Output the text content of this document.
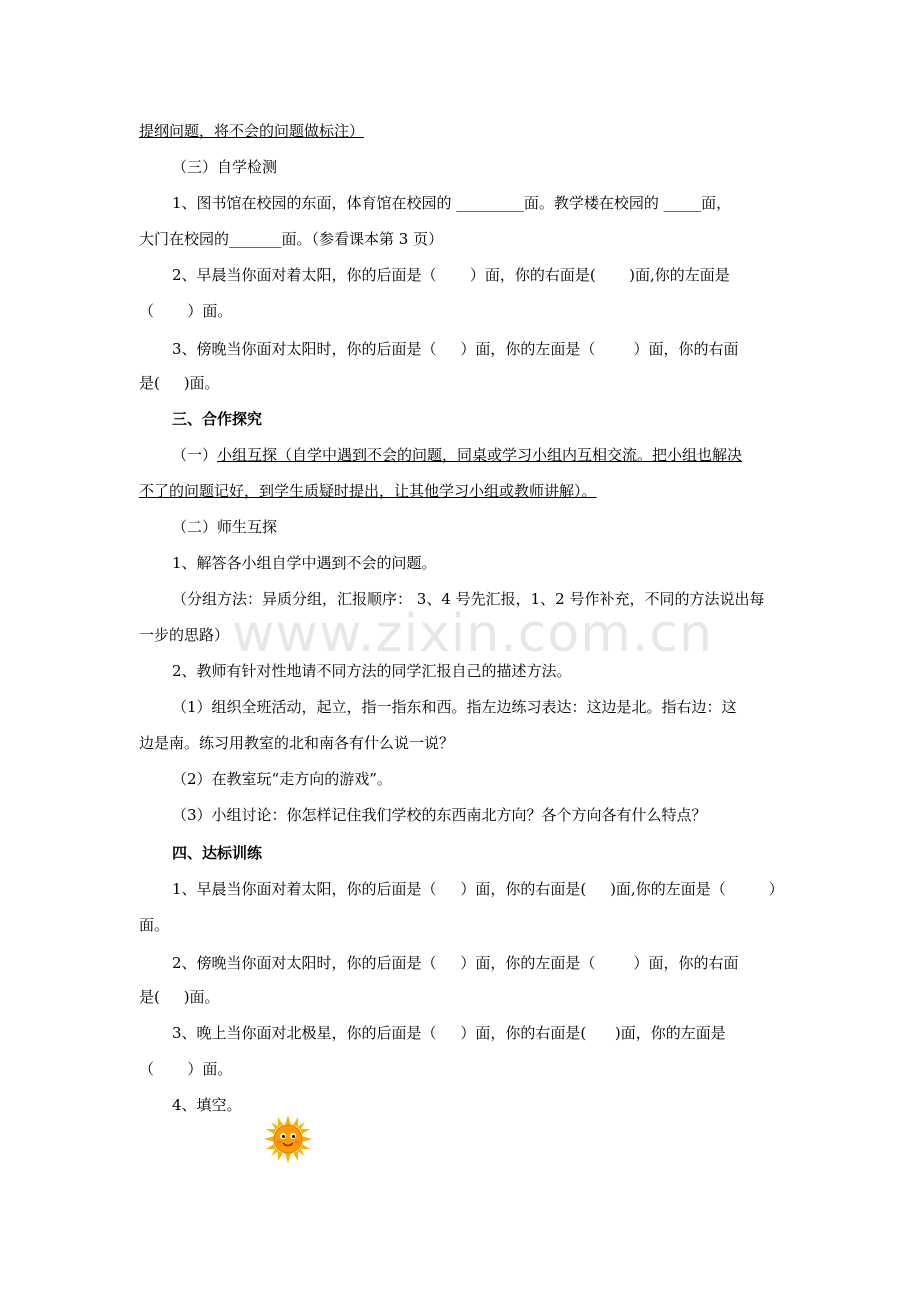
提纲问题，将不会的问题做标注）
（三）自学检测
1、图书馆在校园的东面，体育馆在校园的 _________面。教学楼在校园的 _____面，
大门在校园的_______面。（参看课本第 3 页）
2、早晨当你面对着太阳，你的后面是（       ）面，你的右面是(       )面,你的左面是
（       ）面。
3、傍晚当你面对太阳时，你的后面是（     ）面，你的左面是（        ）面，你的右面
是(     )面。
三、合作探究
（一）小组互探（自学中遇到不会的问题，同桌或学习小组内互相交流。把小组也解决
不了的问题记好，到学生质疑时提出，让其他学习小组或教师讲解）。
（二）师生互探
1、解答各小组自学中遇到不会的问题。
（分组方法：异质分组，汇报顺序： 3、4 号先汇报，1、2 号作补充，不同的方法说出每
一步的思路）
2、教师有针对性地请不同方法的同学汇报自己的描述方法。
（1）组织全班活动，起立，指一指东和西。指左边练习表达：这边是北。指右边：这
边是南。练习用教室的北和南各有什么说一说？
（2）在教室玩“走方向的游戏”。
（3）小组讨论：你怎样记住我们学校的东西南北方向？各个方向各有什么特点？
四、达标训练
1、早晨当你面对着太阳，你的后面是（     ）面，你的右面是(     )面,你的左面是（         ）
面。
2、傍晚当你面对太阳时，你的后面是（     ）面，你的左面是（        ）面，你的右面
是(     )面。
3、晚上当你面对北极星，你的后面是（     ）面，你的右面是(      )面，你的左面是
（       ）面。
4、填空。
www.zixin.com.cn
